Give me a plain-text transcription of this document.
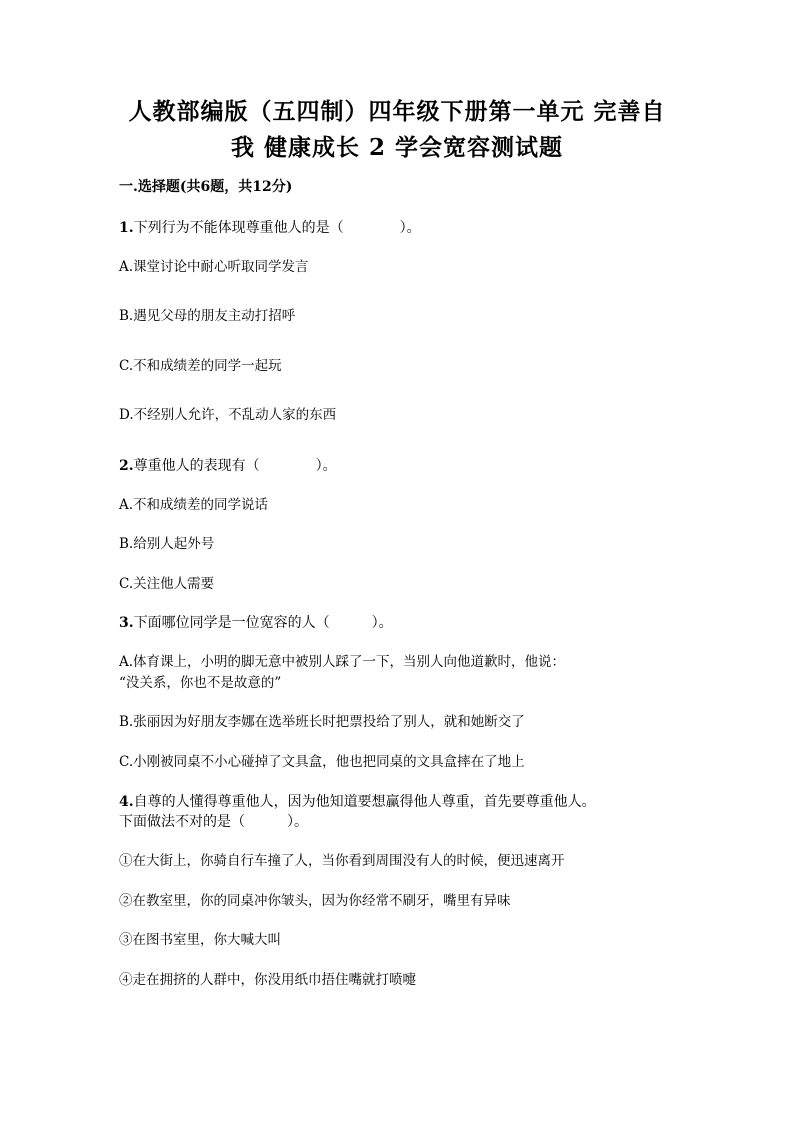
人教部编版（五四制）四年级下册第一单元 完善自
我 健康成长 2 学会宽容测试题
一.选择题(共6题，共12分)
1.下列行为不能体现尊重他人的是（　　　　）。
A.课堂讨论中耐心听取同学发言
B.遇见父母的朋友主动打招呼
C.不和成绩差的同学一起玩
D.不经别人允许，不乱动人家的东西
2.尊重他人的表现有（　　　　）。
A.不和成绩差的同学说话
B.给别人起外号
C.关注他人需要
3.下面哪位同学是一位宽容的人（　　　）。
A.体育课上，小明的脚无意中被别人踩了一下，当别人向他道歉时，他说：
“没关系，你也不是故意的”
B.张丽因为好朋友李娜在选举班长时把票投给了别人，就和她断交了
C.小刚被同桌不小心碰掉了文具盒，他也把同桌的文具盒摔在了地上
4.自尊的人懂得尊重他人，因为他知道要想赢得他人尊重，首先要尊重他人。
下面做法不对的是（　　　）。
①在大街上，你骑自行车撞了人，当你看到周围没有人的时候，便迅速离开
②在教室里，你的同桌冲你皱头，因为你经常不刷牙，嘴里有异味
③在图书室里，你大喊大叫
④走在拥挤的人群中，你没用纸巾捂住嘴就打喷嚏
